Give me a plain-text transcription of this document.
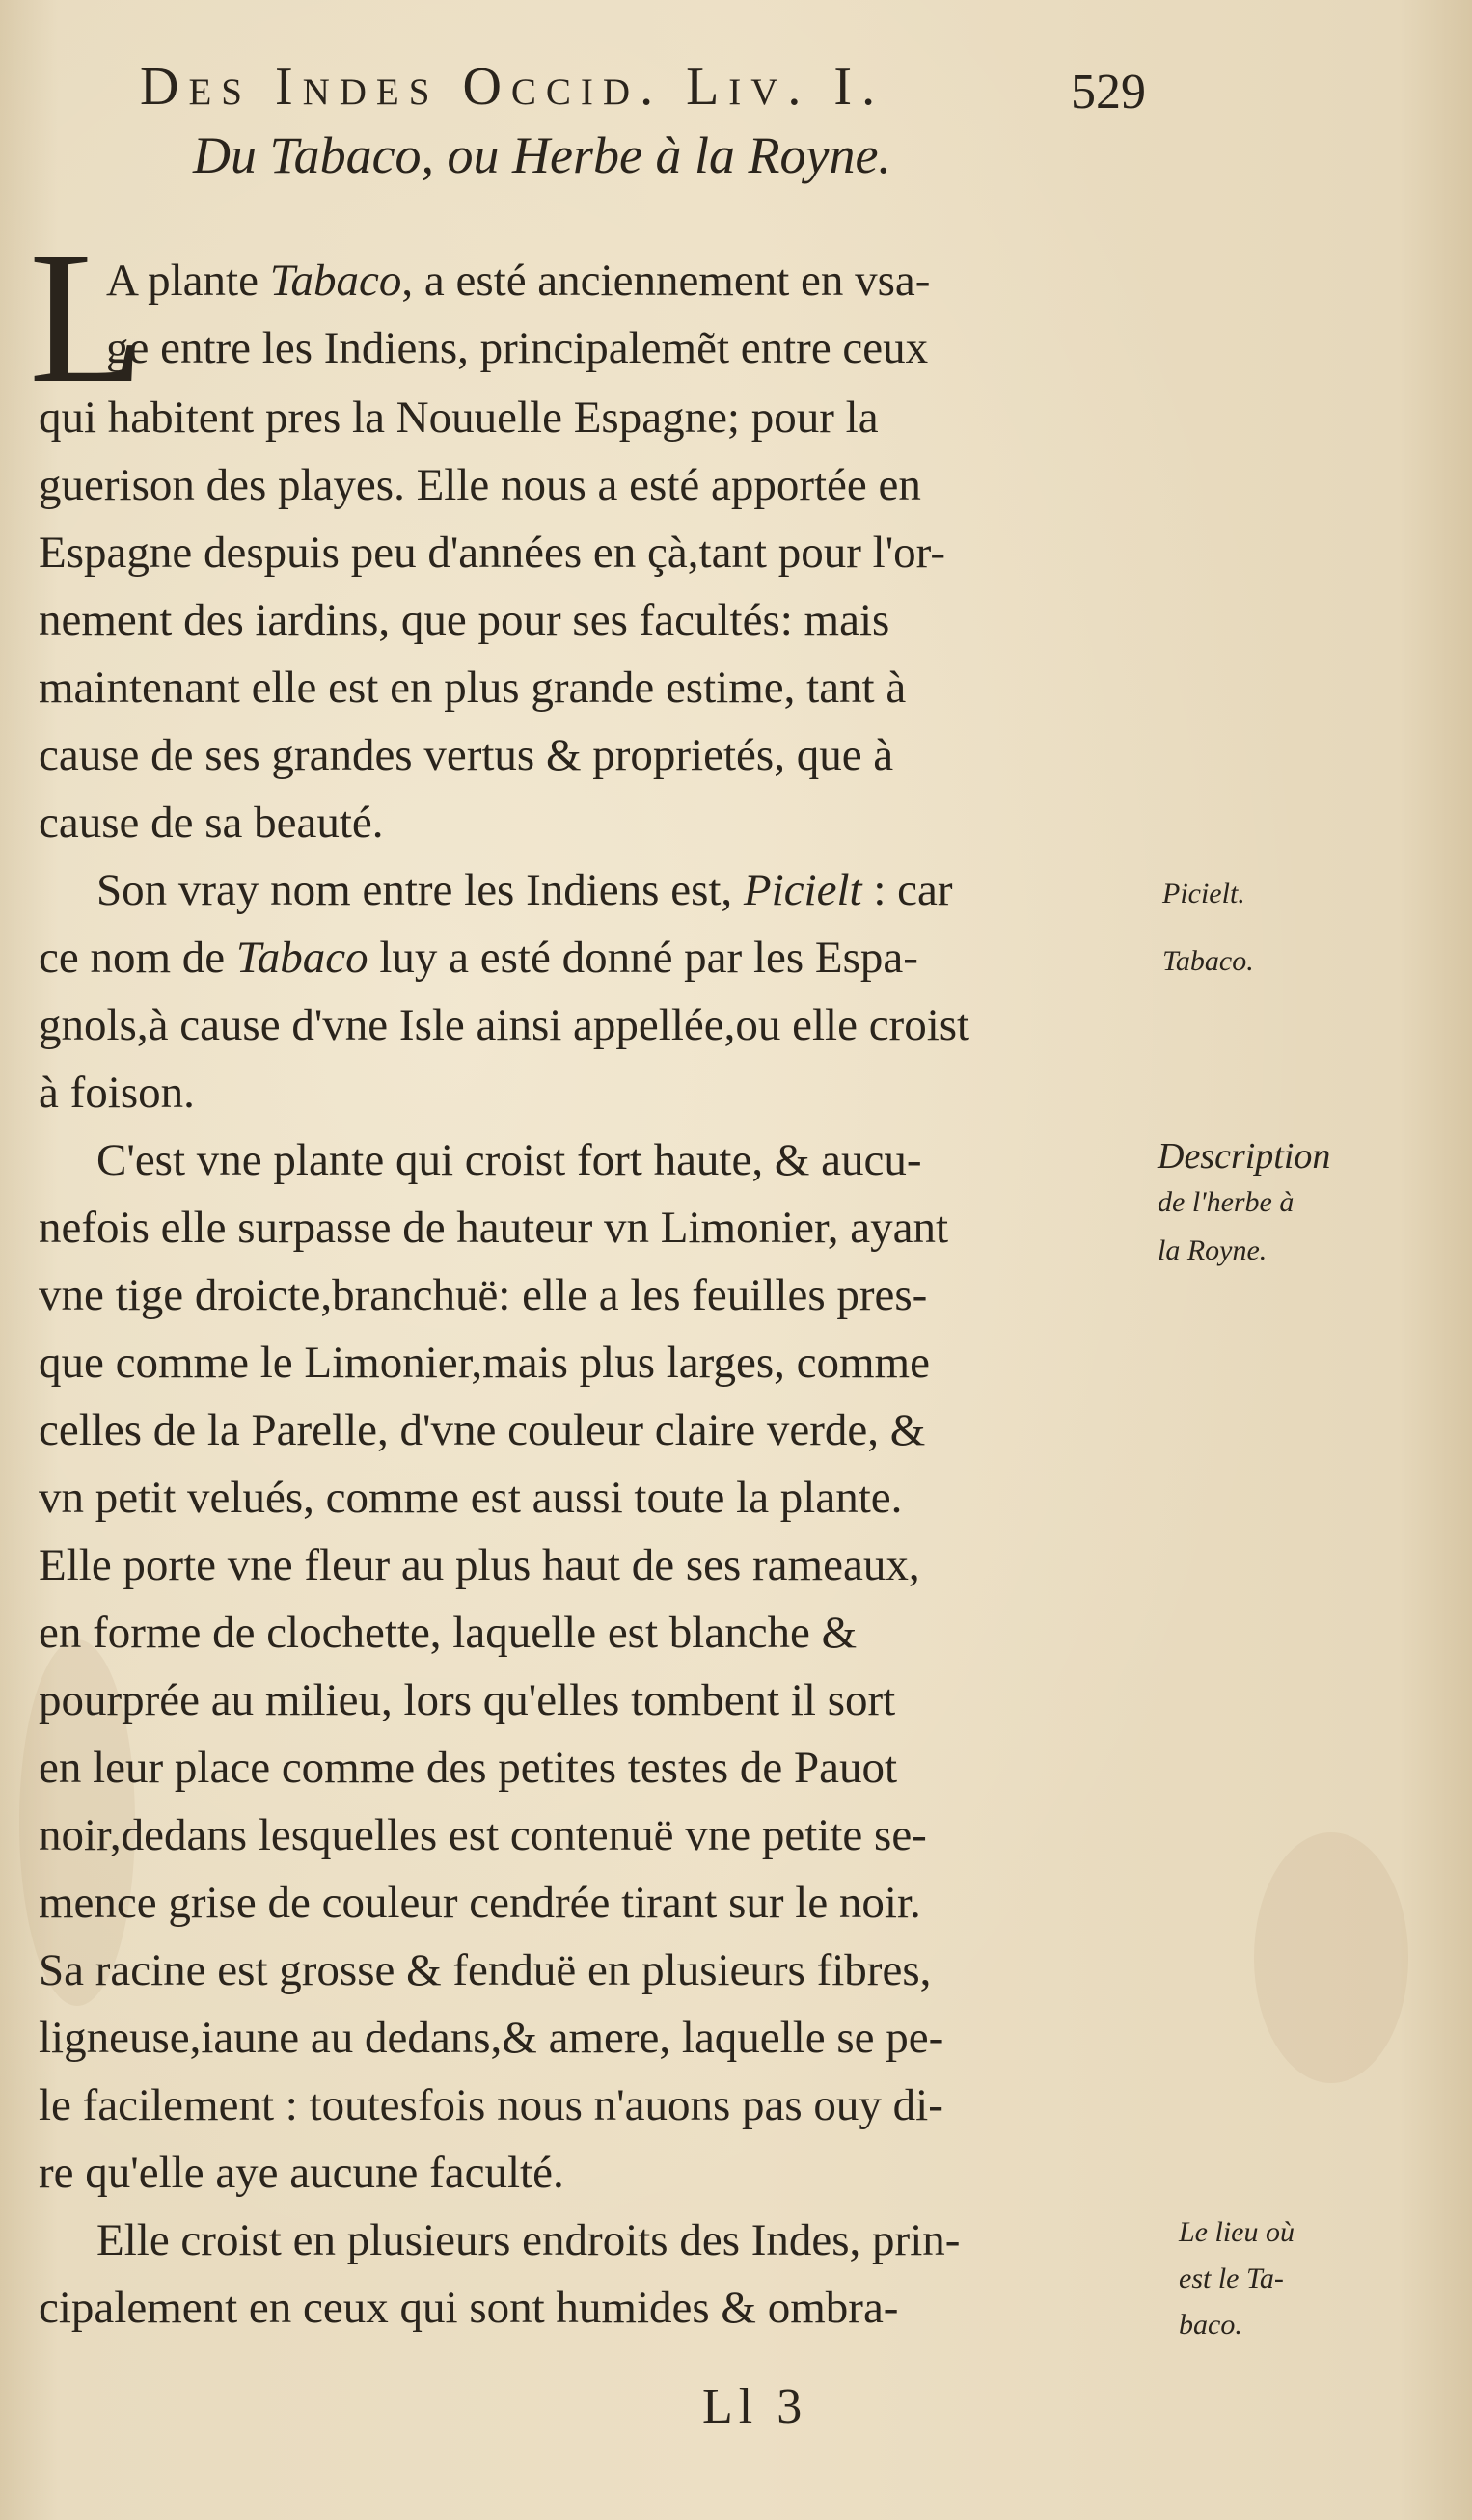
Des Indes Occid. Liv. I.	529
Du Tabaco, ou Herbe à la Royne.
L
A plante Tabaco, a esté anciennement en vsa-
ge entre les Indiens, principalemẽt entre ceux
qui habitent pres la Nouuelle Espagne; pour la
guerison des playes. Elle nous a esté apportée en
Espagne despuis peu d'années en çà,tant pour l'or-
nement des iardins, que pour ses facultés: mais
maintenant elle est en plus grande estime, tant à
cause de ses grandes vertus & proprietés, que à
cause de sa beauté.
Son vray nom entre les Indiens est, Picielt : car
ce nom de Tabaco luy a esté donné par les Espa-
gnols,à cause d'vne Isle ainsi appellée,ou elle croist
à foison.
C'est vne plante qui croist fort haute, & aucu-
nefois elle surpasse de hauteur vn Limonier, ayant
vne tige droicte,branchuë: elle a les feuilles pres-
que comme le Limonier,mais plus larges, comme
celles de la Parelle, d'vne couleur claire verde, &
vn petit velués, comme est aussi toute la plante.
Elle porte vne fleur au plus haut de ses rameaux,
en forme de clochette, laquelle est blanche &
pourprée au milieu, lors qu'elles tombent il sort
en leur place comme des petites testes de Pauot
noir,dedans lesquelles est contenuë vne petite se-
mence grise de couleur cendrée tirant sur le noir.
Sa racine est grosse & fenduë en plusieurs fibres,
ligneuse,iaune au dedans,& amere, laquelle se pe-
le facilement : toutesfois nous n'auons pas ouy di-
re qu'elle aye aucune faculté.
Elle croist en plusieurs endroits des Indes, prin-
cipalement en ceux qui sont humides & ombra-
Picielt.
Tabaco.
Description
de l'herbe à
la Royne.
Le lieu où
est le Ta-
baco.
Ll 3
